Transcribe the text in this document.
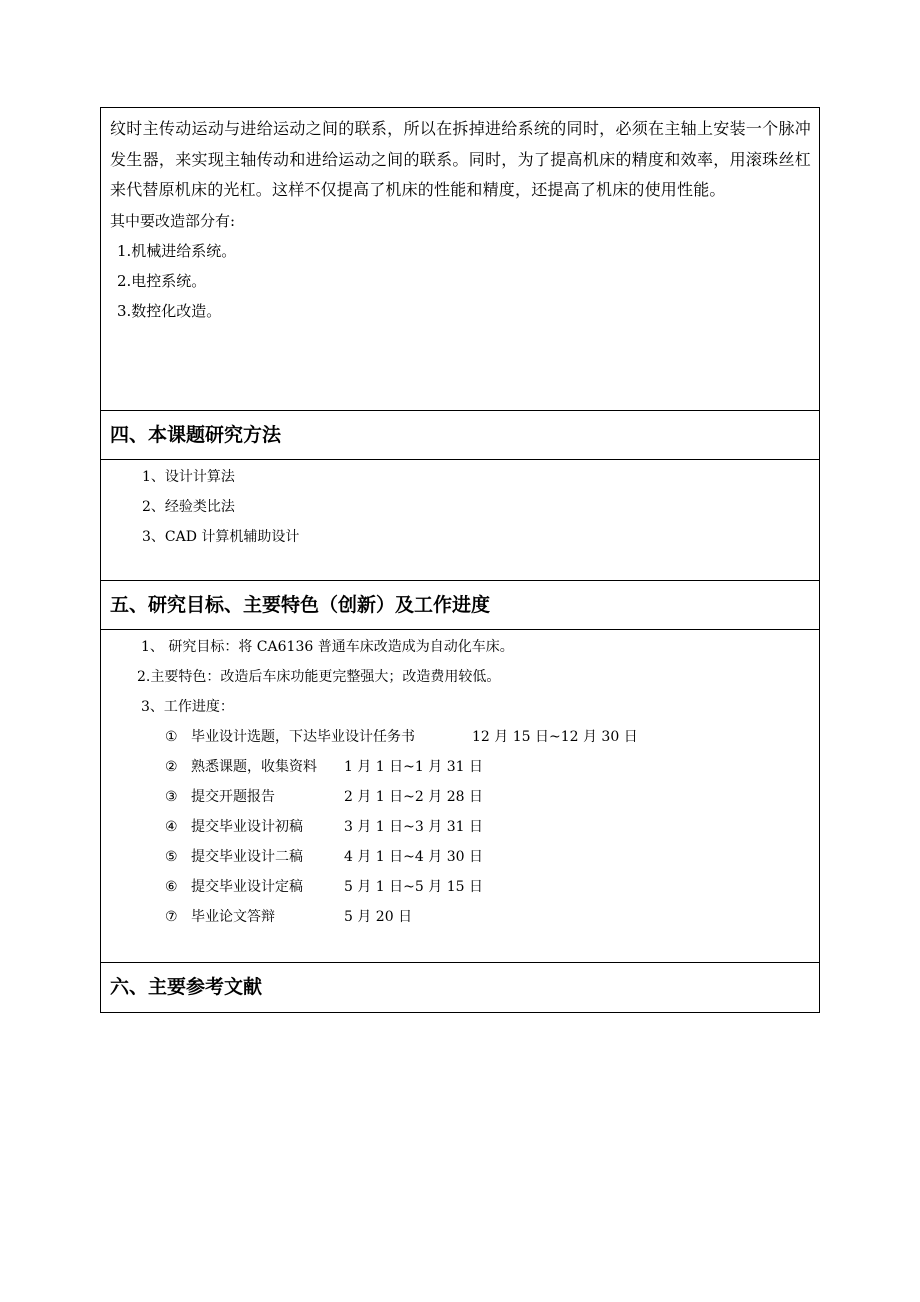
纹时主传动运动与进给运动之间的联系，所以在拆掉进给系统的同时，必须在主轴上安装一个脉冲发生器，来实现主轴传动和进给运动之间的联系。同时，为了提高机床的精度和效率，用滚珠丝杠来代替原机床的光杠。这样不仅提高了机床的性能和精度，还提高了机床的使用性能。

其中要改造部分有:

1.机械进给系统。

2.电控系统。

3.数控化改造。

四、本课题研究方法
1、设计计算法
2、经验类比法
3、CAD 计算机辅助设计
五、研究目标、主要特色（创新）及工作进度
1、 研究目标：将 CA6136 普通车床改造成为自动化车床。
2.主要特色：改造后车床功能更完整强大；改造费用较低。
3、工作进度：
① 毕业设计选题，下达毕业设计任务书	12 月 15 日~12 月 30 日
② 熟悉课题，收集资料 1 月 1 日~1 月 31 日
③ 提交开题报告	2 月 1 日~2 月 28 日
④ 提交毕业设计初稿	3 月 1 日~3 月 31 日
⑤ 提交毕业设计二稿	4 月 1 日~4 月 30 日
⑥ 提交毕业设计定稿	5 月 1 日~5 月 15 日
⑦ 毕业论文答辩	5 月 20 日
六、主要参考文献
